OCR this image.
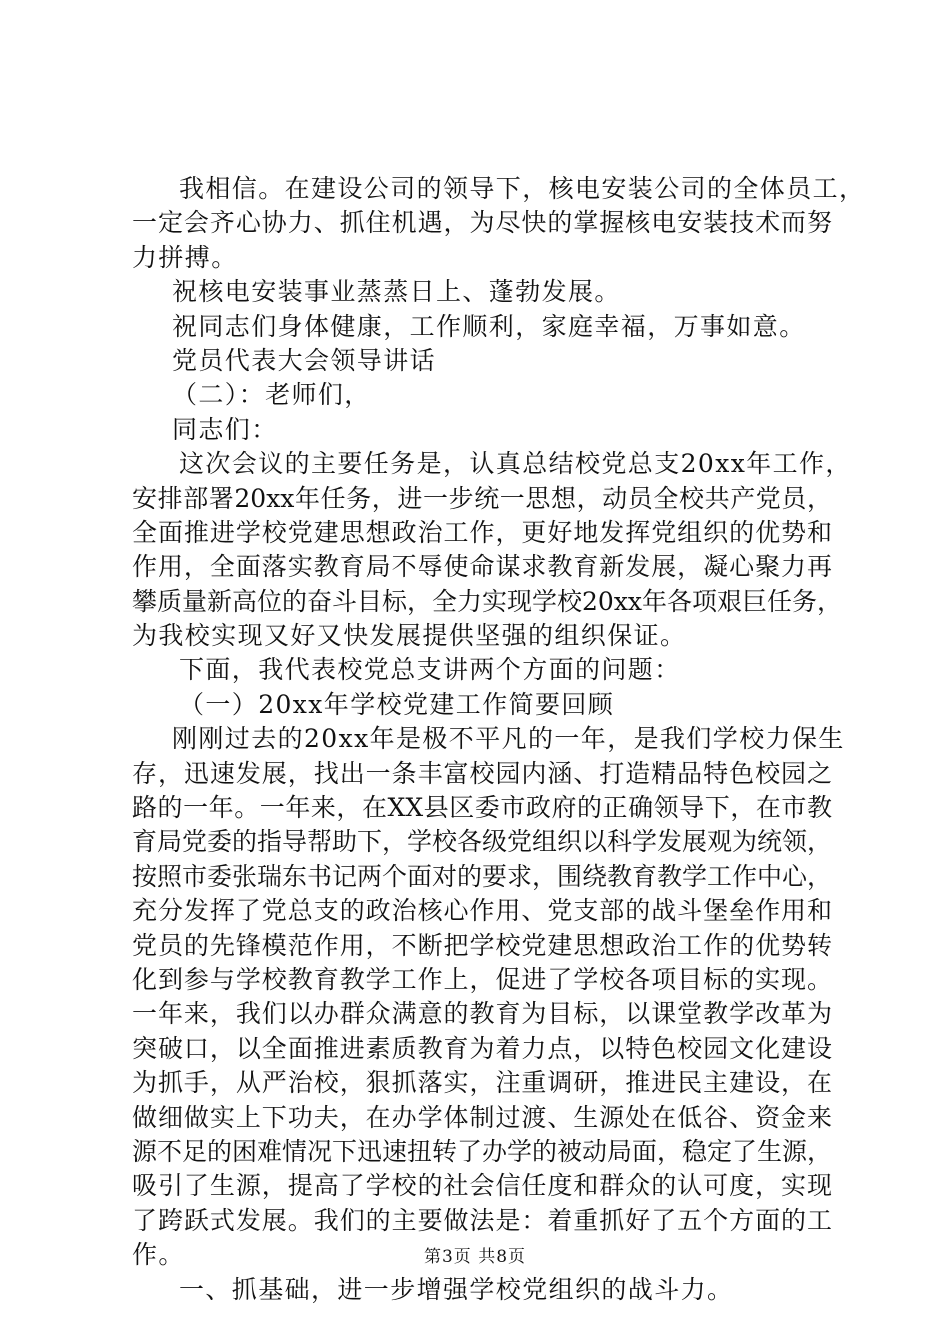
我相信。在建设公司的领导下，核电安装公司的全体员工，
一定会齐心协力、抓住机遇，为尽快的掌握核电安装技术而努
力拼搏。
祝核电安装事业蒸蒸日上、蓬勃发展。
祝同志们身体健康，工作顺利，家庭幸福，万事如意。
党员代表大会领导讲话
（二）：老师们，
同志们：
这次会议的主要任务是，认真总结校党总支20xx年工作，
安排部署20xx年任务，进一步统一思想，动员全校共产党员，
全面推进学校党建思想政治工作，更好地发挥党组织的优势和
作用，全面落实教育局不辱使命谋求教育新发展，凝心聚力再
攀质量新高位的奋斗目标，全力实现学校20xx年各项艰巨任务，
为我校实现又好又快发展提供坚强的组织保证。
下面，我代表校党总支讲两个方面的问题：
（一）20xx年学校党建工作简要回顾
刚刚过去的20xx年是极不平凡的一年，是我们学校力保生
存，迅速发展，找出一条丰富校园内涵、打造精品特色校园之
路的一年。一年来，在XX县区委市政府的正确领导下，在市教
育局党委的指导帮助下，学校各级党组织以科学发展观为统领，
按照市委张瑞东书记两个面对的要求，围绕教育教学工作中心，
充分发挥了党总支的政治核心作用、党支部的战斗堡垒作用和
党员的先锋模范作用，不断把学校党建思想政治工作的优势转
化到参与学校教育教学工作上，促进了学校各项目标的实现。
一年来，我们以办群众满意的教育为目标，以课堂教学改革为
突破口，以全面推进素质教育为着力点，以特色校园文化建设
为抓手，从严治校，狠抓落实，注重调研，推进民主建设，在
做细做实上下功夫，在办学体制过渡、生源处在低谷、资金来
源不足的困难情况下迅速扭转了办学的被动局面，稳定了生源，
吸引了生源，提高了学校的社会信任度和群众的认可度，实现
了跨跃式发展。我们的主要做法是：着重抓好了五个方面的工
作。
一、抓基础，进一步增强学校党组织的战斗力。
第3页 共8页
